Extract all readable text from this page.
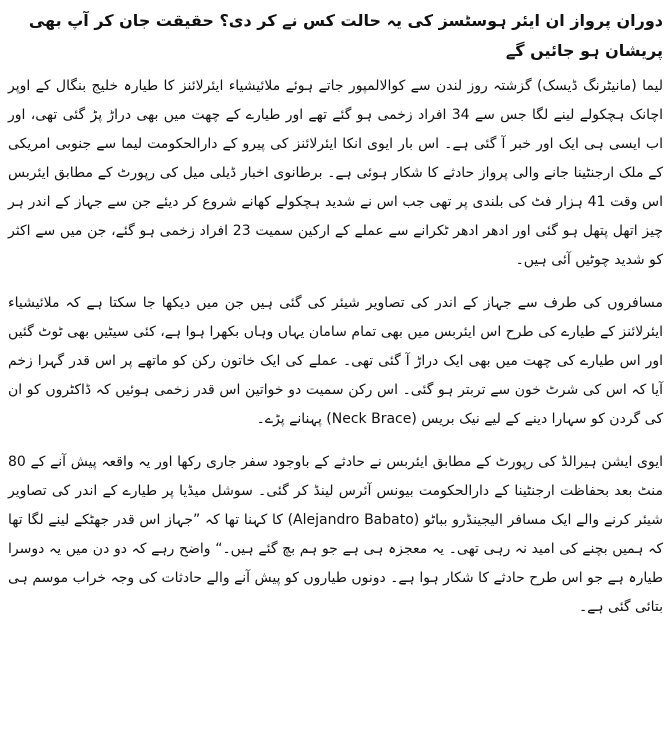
دوران پرواز ان ایئر ہوسٹسز کی یہ حالت کس نے کر دی؟ حقیقت جان کر آپ بھی پریشان ہو جائیں گے

لیما (مانیٹرنگ ڈیسک) گزشتہ روز لندن سے کوالالمپور جاتے ہوئے ملائیشیاء ایئرلائنز کا طیارہ خلیج بنگال کے اوپر اچانک ہچکولے لینے لگا جس سے 34 افراد زخمی ہو گئے تھے اور طیارے کے چھت میں بھی دراڑ پڑ گئی تھی، اور اب ایسی ہی ایک اور خبر آ گئی ہے۔ اس بار ایوی انکا ایئرلائنز کی پیرو کے دارالحکومت لیما سے جنوبی امریکی کے ملک ارجنٹینا جانے والی پرواز حادثے کا شکار ہوئی ہے۔ برطانوی اخبار ڈیلی میل کی رپورٹ کے مطابق ایئربس اس وقت 41 ہزار فٹ کی بلندی پر تھی جب اس نے شدید ہچکولے کھانے شروع کر دیئے جن سے جہاز کے اندر ہر چیز اتھل پتھل ہو گئی اور ادھر ادھر ٹکرانے سے عملے کے ارکین سمیت 23 افراد زخمی ہو گئے، جن میں سے اکثر کو شدید چوٹیں آئی ہیں۔

مسافروں کی طرف سے جہاز کے اندر کی تصاویر شیئر کی گئی ہیں جن میں دیکھا جا سکتا ہے کہ ملائیشیاء ایئرلائنز کے طیارے کی طرح اس ایئربس میں بھی تمام سامان یہاں وہاں بکھرا ہوا ہے، کئی سیٹیں بھی ٹوٹ گئیں اور اس طیارے کی چھت میں بھی ایک دراڑ آ گئی تھی۔ عملے کی ایک خاتون رکن کو ماتھے پر اس قدر گہرا زخم آیا کہ اس کی شرٹ خون سے تربتر ہو گئی۔ اس رکن سمیت دو خواتین اس قدر زخمی ہوئیں کہ ڈاکٹروں کو ان کی گردن کو سہارا دینے کے لیے نیک بریس (Neck Brace) پہنانے پڑے۔

ایوی ایشن ہیرالڈ کی رپورٹ کے مطابق ایئربس نے حادثے کے باوجود سفر جاری رکھا اور یہ واقعہ پیش آنے کے 80 منٹ بعد بحفاظت ارجنٹینا کے دارالحکومت بیونس آئرس لینڈ کر گئی۔ سوشل میڈیا پر طیارے کے اندر کی تصاویر شیئر کرنے والے ایک مسافر الیجینڈرو بباٹو (Alejandro Babato) کا کہنا تھا کہ ”جہاز اس قدر جھٹکے لینے لگا تھا کہ ہمیں بچنے کی امید نہ رہی تھی۔ یہ معجزہ ہی ہے جو ہم بچ گئے ہیں۔“ واضح رہے کہ دو دن میں یہ دوسرا طیارہ ہے جو اس طرح حادثے کا شکار ہوا ہے۔ دونوں طیاروں کو پیش آنے والے حادثات کی وجہ خراب موسم ہی بتائی گئی ہے۔
